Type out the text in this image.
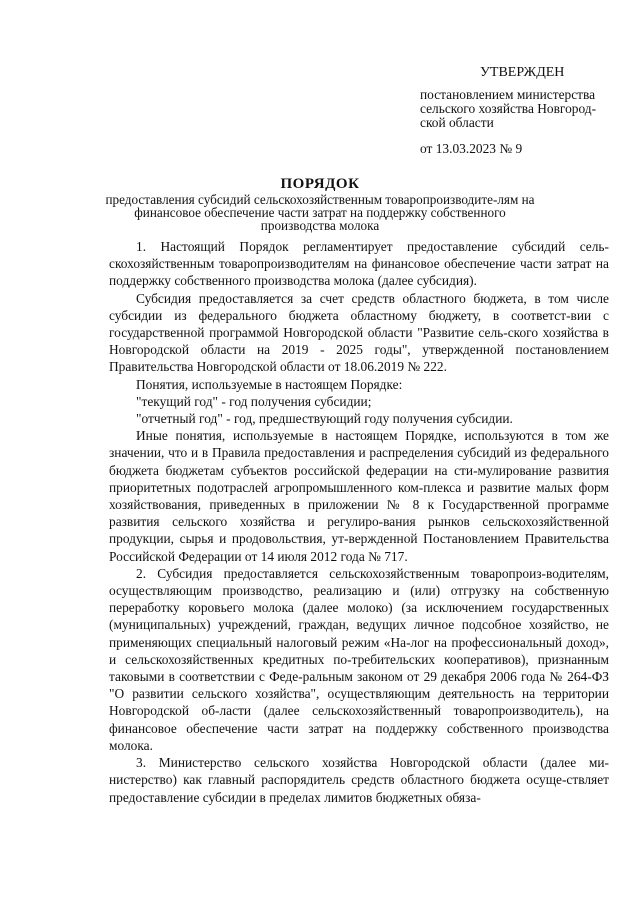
УТВЕРЖДЕН
постановлением министерства
сельского хозяйства Новгород-
ской области
от 13.03.2023 № 9
ПОРЯДОК
предоставления субсидий сельскохозяйственным товаропроизводите-лям на финансовое обеспечение части затрат на поддержку собственного производства молока

1. Настоящий Порядок регламентирует предоставление субсидий сель-скохозяйственным товаропроизводителям на финансовое обеспечение части затрат на поддержку собственного производства молока (далее субсидия).

Субсидия предоставляется за счет средств областного бюджета, в том числе субсидии из федерального бюджета областному бюджету, в соответст-вии с государственной программой Новгородской области "Развитие сель-ского хозяйства в Новгородской области на 2019 - 2025 годы", утвержденной постановлением Правительства Новгородской области от 18.06.2019 № 222.

Понятия, используемые в настоящем Порядке:

"текущий год" - год получения субсидии;

"отчетный год" - год, предшествующий году получения субсидии.

Иные понятия, используемые в настоящем Порядке, используются в том же значении, что и в Правила предоставления и распределения субсидий из федерального бюджета бюджетам субъектов российской федерации на сти-мулирование развития приоритетных подотраслей агропромышленного ком-плекса и развитие малых форм хозяйствования, приведенных в приложении № 8 к Государственной программе развития сельского хозяйства и регулиро-вания рынков сельскохозяйственной продукции, сырья и продовольствия, ут-вержденной Постановлением Правительства Российской Федерации от 14 июля 2012 года № 717.

2. Субсидия предоставляется сельскохозяйственным товаропроиз-водителям, осуществляющим производство, реализацию и (или) отгрузку на собственную переработку коровьего молока (далее молоко) (за исключением государственных (муниципальных) учреждений, граждан, ведущих личное подсобное хозяйство, не применяющих специальный налоговый режим «На-лог на профессиональный доход», и сельскохозяйственных кредитных по-требительских кооперативов), признанным таковыми в соответствии с Феде-ральным законом от 29 декабря 2006 года № 264-ФЗ "О развитии сельского хозяйства", осуществляющим деятельность на территории Новгородской об-ласти (далее сельскохозяйственный товаропроизводитель), на финансовое обеспечение части затрат на поддержку собственного производства молока.

3. Министерство сельского хозяйства Новгородской области (далее ми-нистерство) как главный распорядитель средств областного бюджета осуще-ствляет предоставление субсидии в пределах лимитов бюджетных обяза-
